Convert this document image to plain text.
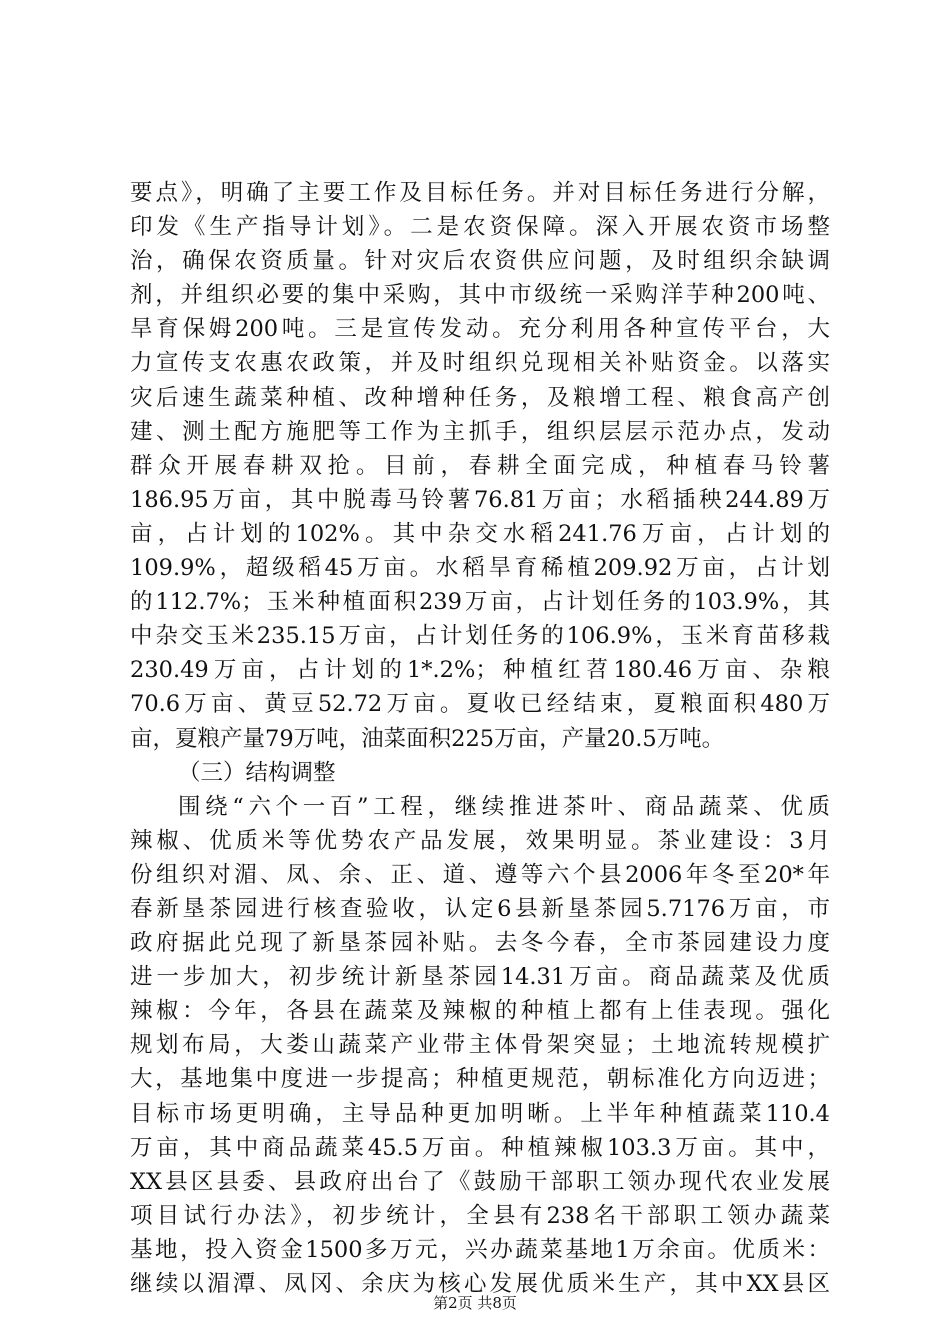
要点》，明确了主要工作及目标任务。并对目标任务进行分解，
印发《生产指导计划》。二是农资保障。深入开展农资市场整
治，确保农资质量。针对灾后农资供应问题，及时组织余缺调
剂，并组织必要的集中采购，其中市级统一采购洋芋种200吨、
旱育保姆200吨。三是宣传发动。充分利用各种宣传平台，大
力宣传支农惠农政策，并及时组织兑现相关补贴资金。以落实
灾后速生蔬菜种植、改种增种任务，及粮增工程、粮食高产创
建、测土配方施肥等工作为主抓手，组织层层示范办点，发动
群众开展春耕双抢。目前，春耕全面完成，种植春马铃薯
186.95万亩，其中脱毒马铃薯76.81万亩；水稻插秧244.89万
亩，占计划的102%。其中杂交水稻241.76万亩，占计划的
109.9%，超级稻45万亩。水稻旱育稀植209.92万亩，占计划
的112.7%；玉米种植面积239万亩，占计划任务的103.9%，其
中杂交玉米235.15万亩，占计划任务的106.9%，玉米育苗移栽
230.49万亩，占计划的1*.2%；种植红苕180.46万亩、杂粮
70.6万亩、黄豆52.72万亩。夏收已经结束，夏粮面积480万
亩，夏粮产量79万吨，油菜面积225万亩，产量20.5万吨。
（三）结构调整
围绕“六个一百”工程，继续推进茶叶、商品蔬菜、优质
辣椒、优质米等优势农产品发展，效果明显。茶业建设：3月
份组织对湄、凤、余、正、道、遵等六个县2006年冬至20*年
春新垦茶园进行核查验收，认定6县新垦茶园5.7176万亩，市
政府据此兑现了新垦茶园补贴。去冬今春，全市茶园建设力度
进一步加大，初步统计新垦茶园14.31万亩。商品蔬菜及优质
辣椒：今年，各县在蔬菜及辣椒的种植上都有上佳表现。强化
规划布局，大娄山蔬菜产业带主体骨架突显；土地流转规模扩
大，基地集中度进一步提高；种植更规范，朝标准化方向迈进；
目标市场更明确，主导品种更加明晰。上半年种植蔬菜110.4
万亩，其中商品蔬菜45.5万亩。种植辣椒103.3万亩。其中，
XX县区县委、县政府出台了《鼓励干部职工领办现代农业发展
项目试行办法》，初步统计，全县有238名干部职工领办蔬菜
基地，投入资金1500多万元，兴办蔬菜基地1万余亩。优质米：
继续以湄潭、凤冈、余庆为核心发展优质米生产，其中XX县区
第2页 共8页
